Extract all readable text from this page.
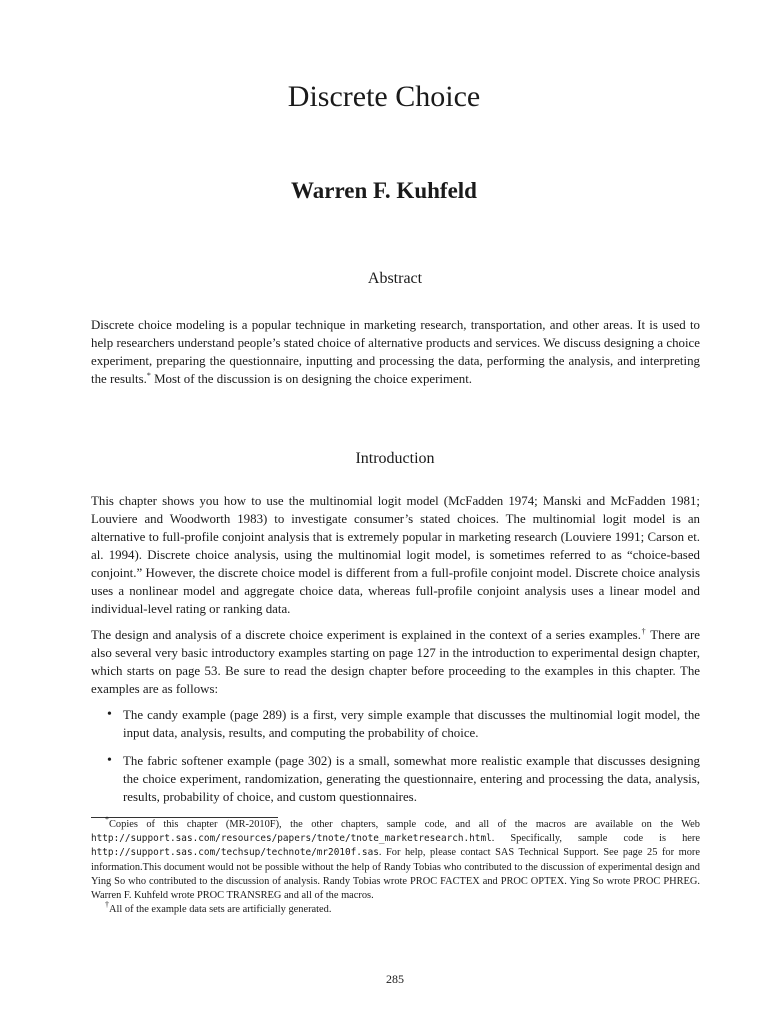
Discrete Choice
Warren F. Kuhfeld
Abstract

Discrete choice modeling is a popular technique in marketing research, transportation, and other areas. It is used to help researchers understand people’s stated choice of alternative products and services. We discuss designing a choice experiment, preparing the questionnaire, inputting and processing the data, performing the analysis, and interpreting the results.* Most of the discussion is on designing the choice experiment.

Introduction

This chapter shows you how to use the multinomial logit model (McFadden 1974; Manski and McFadden 1981; Louviere and Woodworth 1983) to investigate consumer’s stated choices. The multinomial logit model is an alternative to full-profile conjoint analysis that is extremely popular in marketing research (Louviere 1991; Carson et. al. 1994). Discrete choice analysis, using the multinomial logit model, is sometimes referred to as “choice-based conjoint.” However, the discrete choice model is different from a full-profile conjoint model. Discrete choice analysis uses a nonlinear model and aggregate choice data, whereas full-profile conjoint analysis uses a linear model and individual-level rating or ranking data.

The design and analysis of a discrete choice experiment is explained in the context of a series examples.† There are also several very basic introductory examples starting on page 127 in the introduction to experimental design chapter, which starts on page 53. Be sure to read the design chapter before proceeding to the examples in this chapter. The examples are as follows:

• The candy example (page 289) is a first, very simple example that discusses the multinomial logit model, the input data, analysis, results, and computing the probability of choice.
• The fabric softener example (page 302) is a small, somewhat more realistic example that discusses designing the choice experiment, randomization, generating the questionnaire, entering and processing the data, analysis, results, probability of choice, and custom questionnaires.

*Copies of this chapter (MR-2010F), the other chapters, sample code, and all of the macros are available on the Web http://support.sas.com/resources/papers/tnote/tnote_marketresearch.html. Specifically, sample code is here http://support.sas.com/techsup/technote/mr2010f.sas. For help, please contact SAS Technical Support. See page 25 for more information.This document would not be possible without the help of Randy Tobias who contributed to the discussion of experimental design and Ying So who contributed to the discussion of analysis. Randy Tobias wrote PROC FACTEX and PROC OPTEX. Ying So wrote PROC PHREG. Warren F. Kuhfeld wrote PROC TRANSREG and all of the macros.

†All of the example data sets are artificially generated.

285
